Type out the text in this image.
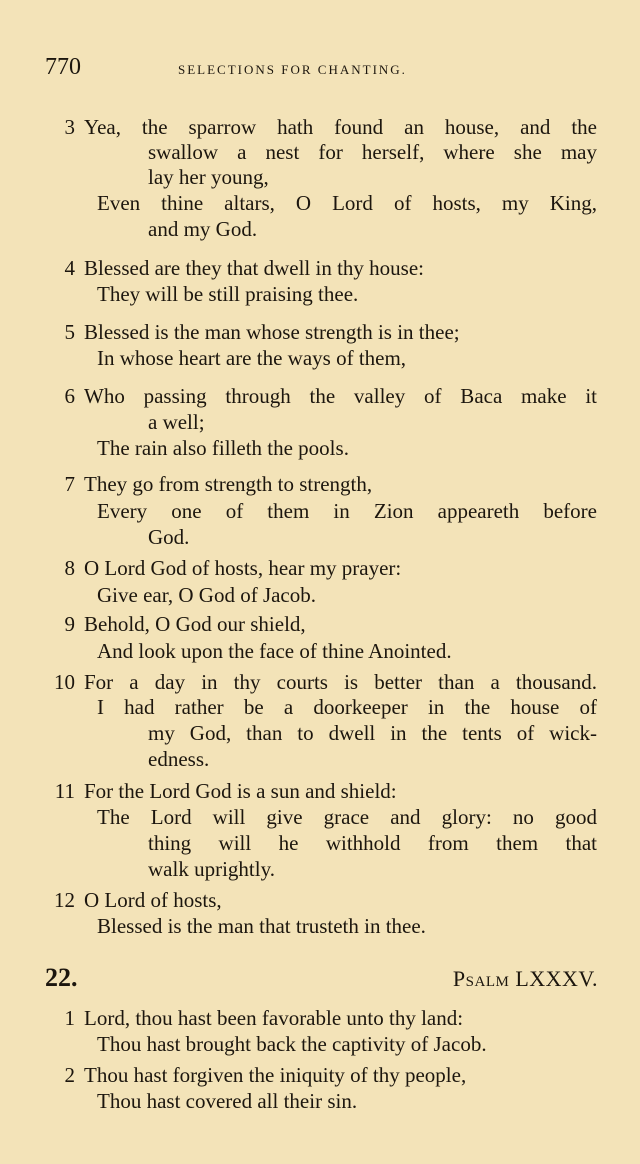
770	SELECTIONS FOR CHANTING.
3 Yea, the sparrow hath found an house, and the
swallow a nest for herself, where she may
lay her young,
Even thine altars, O Lord of hosts, my King,
and my God.
4 Blessed are they that dwell in thy house:
They will be still praising thee.
5 Blessed is the man whose strength is in thee;
In whose heart are the ways of them,
6 Who passing through the valley of Baca make it
a well;
The rain also filleth the pools.
7 They go from strength to strength,
Every one of them in Zion appeareth before
God.
8 O Lord God of hosts, hear my prayer:
Give ear, O God of Jacob.
9 Behold, O God our shield,
And look upon the face of thine Anointed.
10 For a day in thy courts is better than a thousand.
I had rather be a doorkeeper in the house of
my God, than to dwell in the tents of wick-
edness.
11 For the Lord God is a sun and shield:
The Lord will give grace and glory: no good
thing will he withhold from them that
walk uprightly.
12 O Lord of hosts,
Blessed is the man that trusteth in thee.
22.	Psalm LXXXV.
1 Lord, thou hast been favorable unto thy land:
Thou hast brought back the captivity of Jacob.
2 Thou hast forgiven the iniquity of thy people,
Thou hast covered all their sin.
